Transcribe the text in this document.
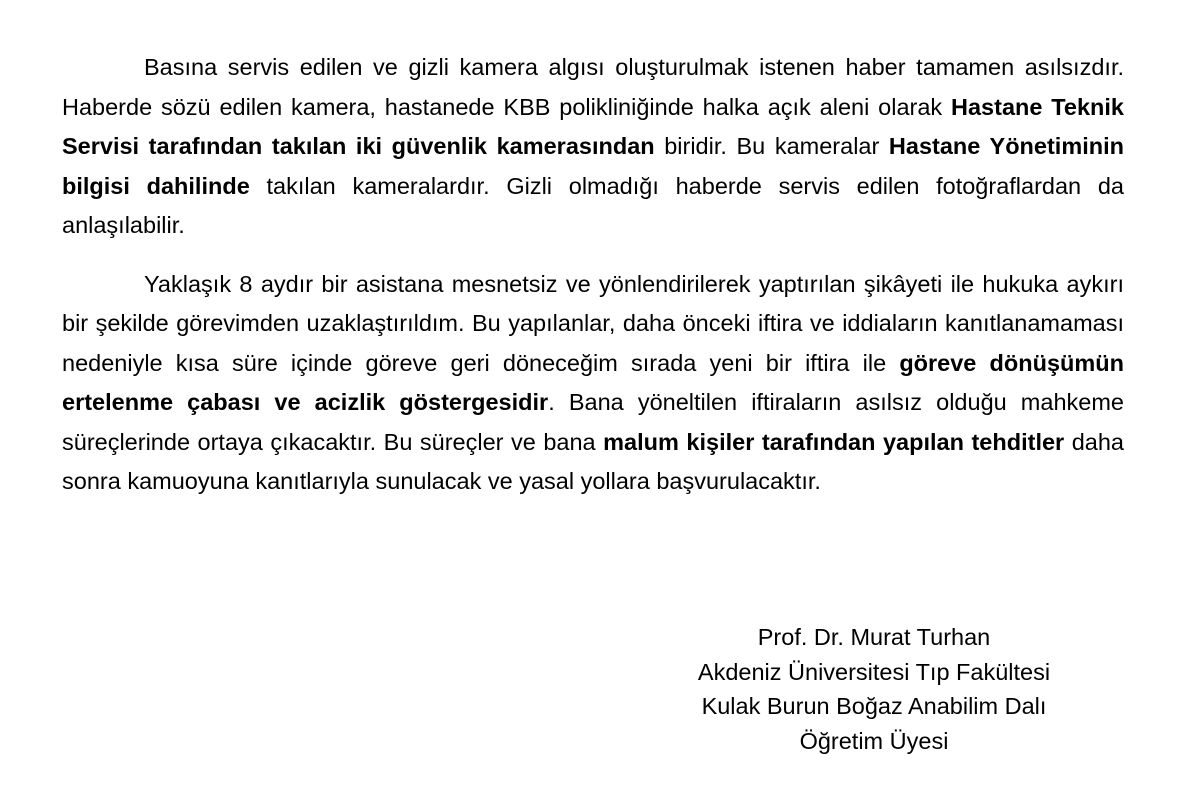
Basına servis edilen ve gizli kamera algısı oluşturulmak istenen haber tamamen asılsızdır. Haberde sözü edilen kamera, hastanede KBB polikliniğinde halka açık aleni olarak Hastane Teknik Servisi tarafından takılan iki güvenlik kamerasından biridir. Bu kameralar Hastane Yönetiminin bilgisi dahilinde takılan kameralardır. Gizli olmadığı haberde servis edilen fotoğraflardan da anlaşılabilir.

Yaklaşık 8 aydır bir asistana mesnetsiz ve yönlendirilerek yaptırılan şikâyeti ile hukuka aykırı bir şekilde görevimden uzaklaştırıldım. Bu yapılanlar, daha önceki iftira ve iddiaların kanıtlanamaması nedeniyle kısa süre içinde göreve geri döneceğim sırada yeni bir iftira ile göreve dönüşümün ertelenme çabası ve acizlik göstergesidir. Bana yöneltilen iftiraların asılsız olduğu mahkeme süreçlerinde ortaya çıkacaktır. Bu süreçler ve bana malum kişiler tarafından yapılan tehditler daha sonra kamuoyuna kanıtlarıyla sunulacak ve yasal yollara başvurulacaktır.

Prof. Dr. Murat Turhan
Akdeniz Üniversitesi Tıp Fakültesi
Kulak Burun Boğaz Anabilim Dalı
Öğretim Üyesi
